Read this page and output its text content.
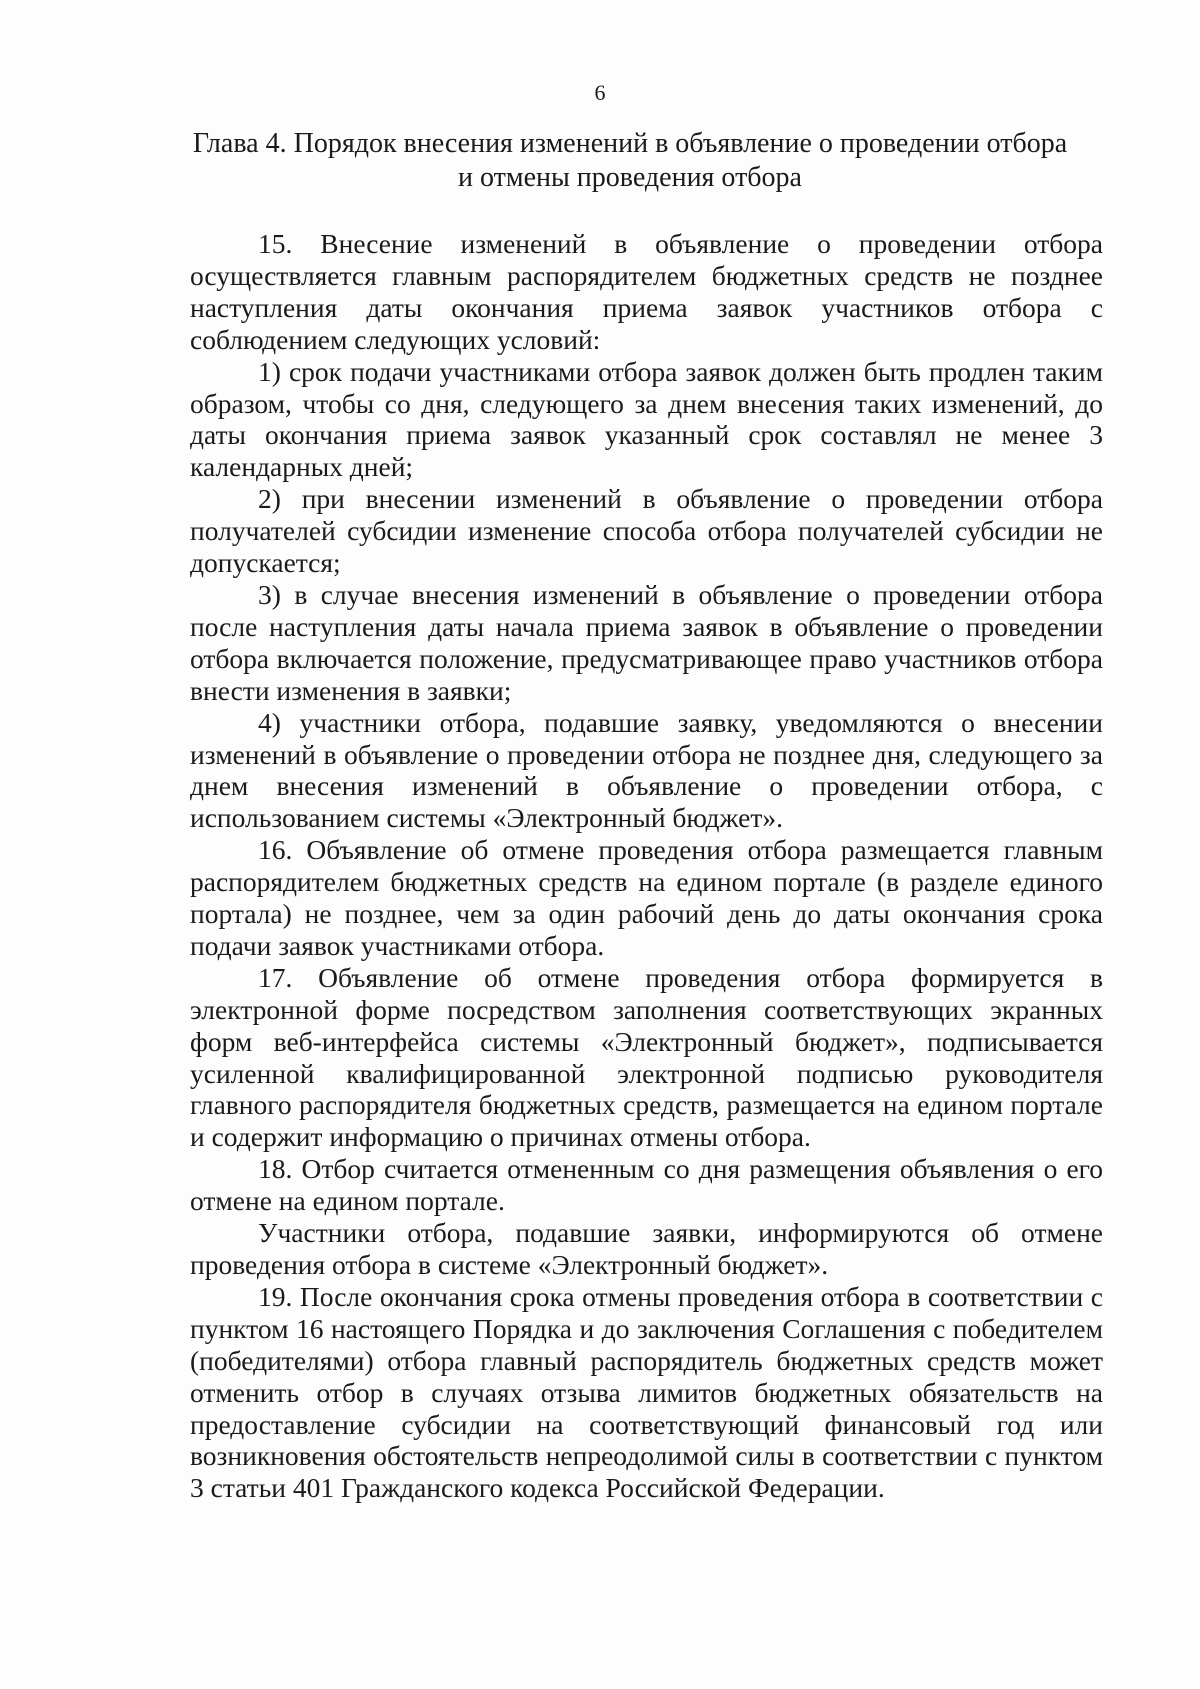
6
Глава 4. Порядок внесения изменений в объявление о проведении отбора
и отмены проведения отбора

15. Внесение изменений в объявление о проведении отбора осуществляется главным распорядителем бюджетных средств не позднее наступления даты окончания приема заявок участников отбора с соблюдением следующих условий:

1) срок подачи участниками отбора заявок должен быть продлен таким образом, чтобы со дня, следующего за днем внесения таких изменений, до даты окончания приема заявок указанный срок составлял не менее 3 календарных дней;

2) при внесении изменений в объявление о проведении отбора получателей субсидии изменение способа отбора получателей субсидии не допускается;

3) в случае внесения изменений в объявление о проведении отбора после наступления даты начала приема заявок в объявление о проведении отбора включается положение, предусматривающее право участников отбора внести изменения в заявки;

4) участники отбора, подавшие заявку, уведомляются о внесении изменений в объявление о проведении отбора не позднее дня, следующего за днем внесения изменений в объявление о проведении отбора, с использованием системы «Электронный бюджет».

16. Объявление об отмене проведения отбора размещается главным распорядителем бюджетных средств на едином портале (в разделе единого портала) не позднее, чем за один рабочий день до даты окончания срока подачи заявок участниками отбора.

17. Объявление об отмене проведения отбора формируется в электронной форме посредством заполнения соответствующих экранных форм веб-интерфейса системы «Электронный бюджет», подписывается усиленной квалифицированной электронной подписью руководителя главного распорядителя бюджетных средств, размещается на едином портале и содержит информацию о причинах отмены отбора.

18. Отбор считается отмененным со дня размещения объявления о его отмене на едином портале.

Участники отбора, подавшие заявки, информируются об отмене проведения отбора в системе «Электронный бюджет».

19. После окончания срока отмены проведения отбора в соответствии с пунктом 16 настоящего Порядка и до заключения Соглашения с победителем (победителями) отбора главный распорядитель бюджетных средств может отменить отбор в случаях отзыва лимитов бюджетных обязательств на предоставление субсидии на соответствующий финансовый год или возникновения обстоятельств непреодолимой силы в соответствии с пунктом 3 статьи 401 Гражданского кодекса Российской Федерации.
